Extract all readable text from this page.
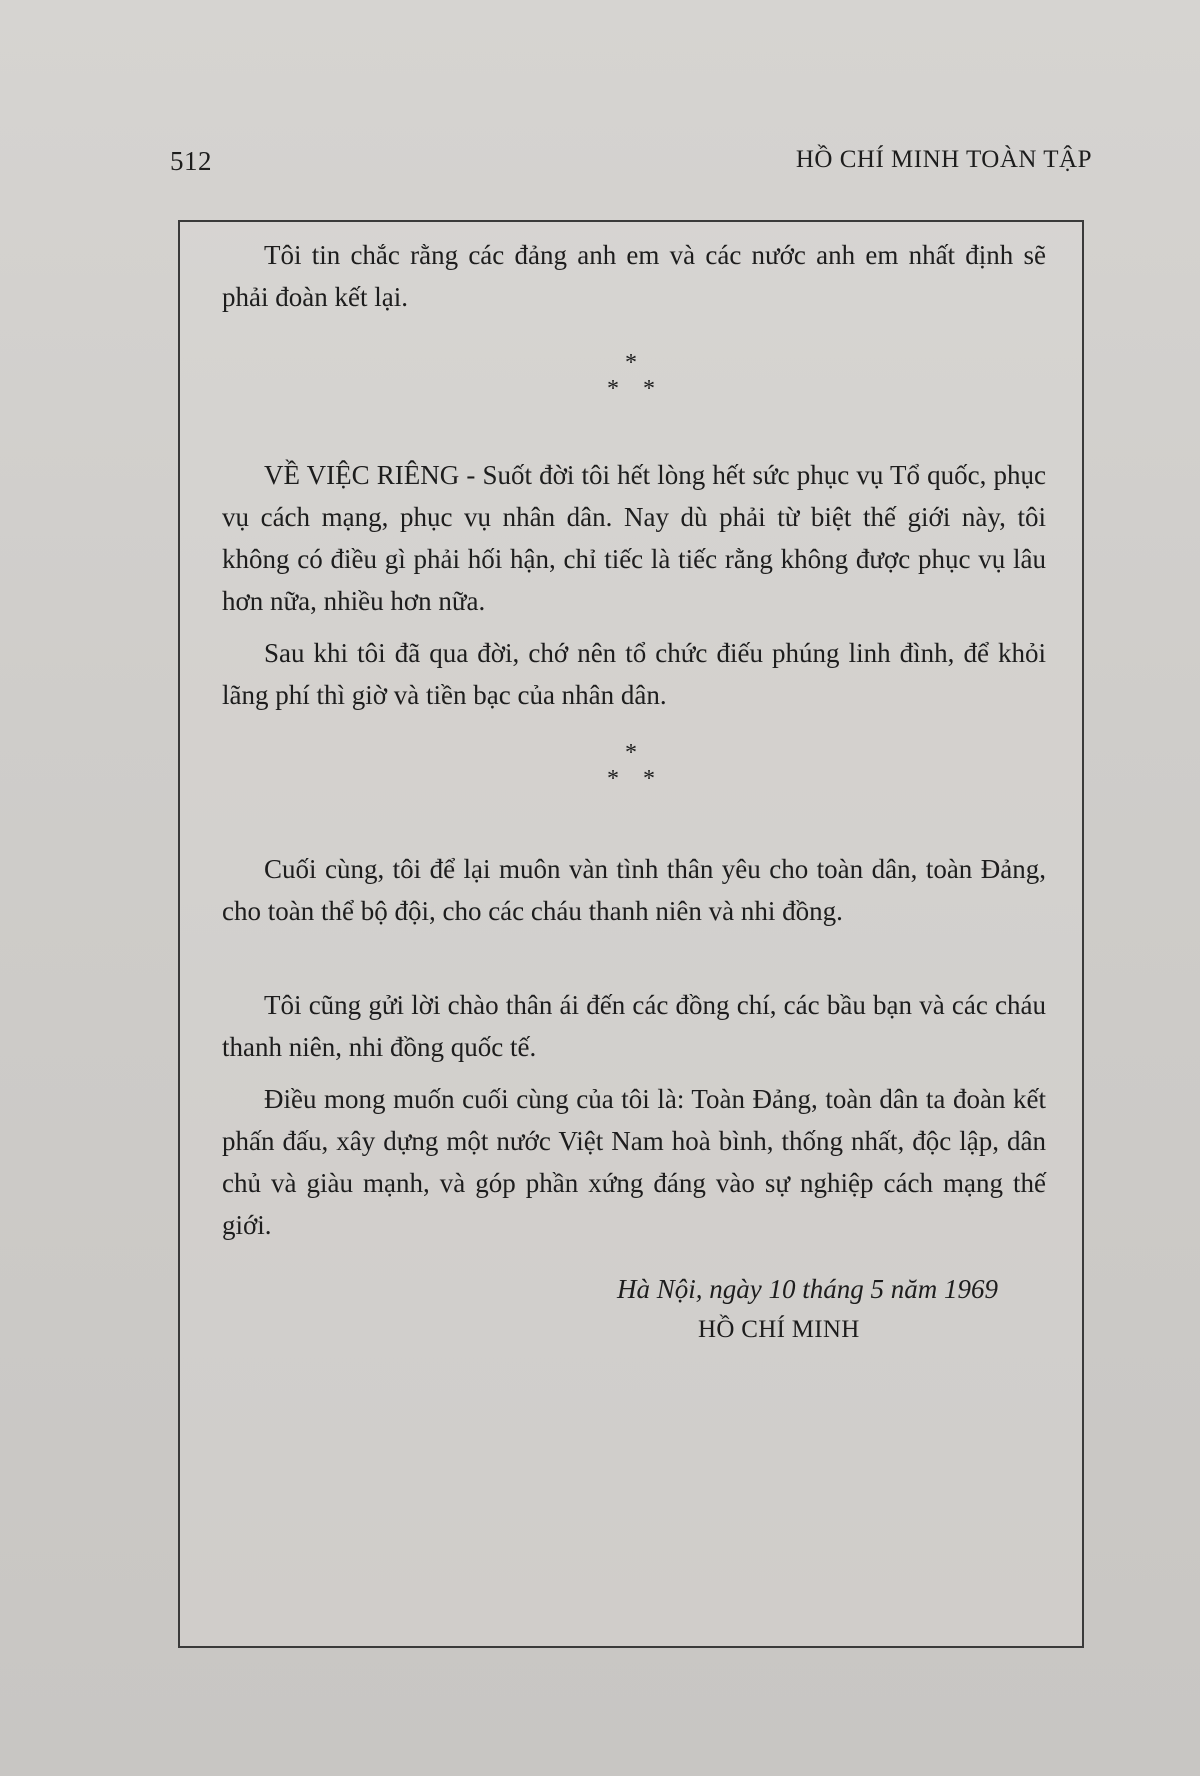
512	HỒ CHÍ MINH TOÀN TẬP
Tôi tin chắc rằng các đảng anh em và các nước anh em nhất định sẽ phải đoàn kết lại.
*
* *
VỀ VIỆC RIÊNG - Suốt đời tôi hết lòng hết sức phục vụ Tổ quốc, phục vụ cách mạng, phục vụ nhân dân. Nay dù phải từ biệt thế giới này, tôi không có điều gì phải hối hận, chỉ tiếc là tiếc rằng không được phục vụ lâu hơn nữa, nhiều hơn nữa.
Sau khi tôi đã qua đời, chớ nên tổ chức điếu phúng linh đình, để khỏi lãng phí thì giờ và tiền bạc của nhân dân.
*
* *
Cuối cùng, tôi để lại muôn vàn tình thân yêu cho toàn dân, toàn Đảng, cho toàn thể bộ đội, cho các cháu thanh niên và nhi đồng.
Tôi cũng gửi lời chào thân ái đến các đồng chí, các bầu bạn và các cháu thanh niên, nhi đồng quốc tế.
Điều mong muốn cuối cùng của tôi là: Toàn Đảng, toàn dân ta đoàn kết phấn đấu, xây dựng một nước Việt Nam hoà bình, thống nhất, độc lập, dân chủ và giàu mạnh, và góp phần xứng đáng vào sự nghiệp cách mạng thế giới.
Hà Nội, ngày 10 tháng 5 năm 1969
HỒ CHÍ MINH
